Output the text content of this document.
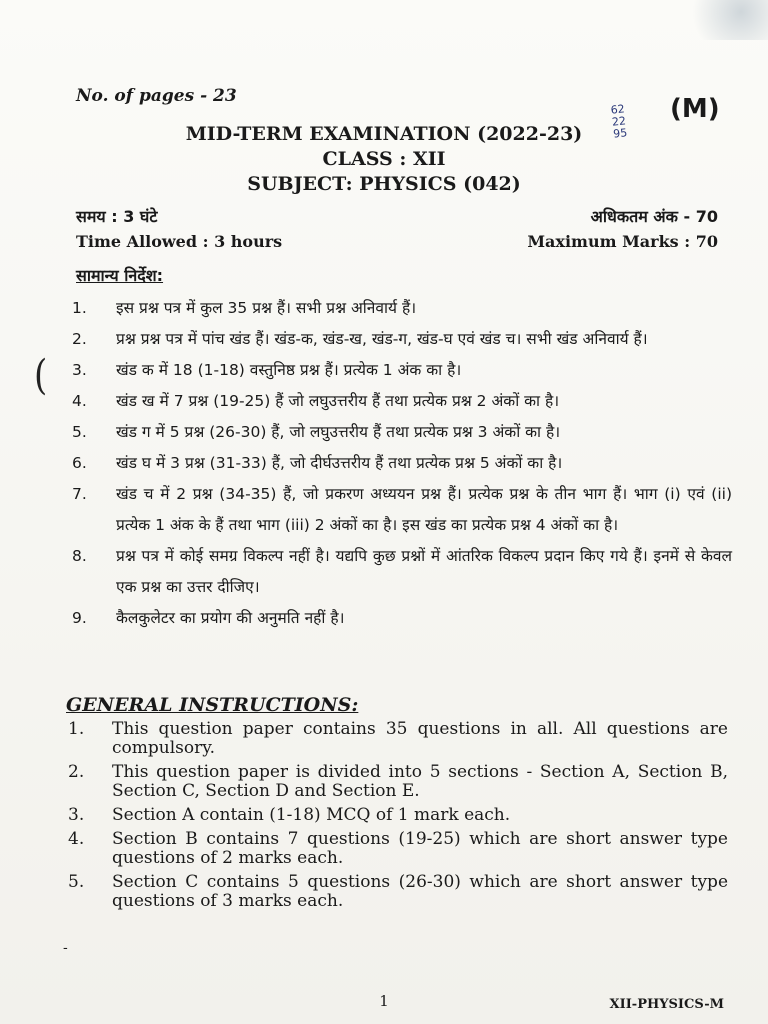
No. of pages - 23	(M)
62
22
95
MID-TERM EXAMINATION (2022-23)
CLASS : XII
SUBJECT: PHYSICS (042)
समय : 3 घंटे	अधिकतम अंक - 70
Time Allowed : 3 hours	Maximum Marks : 70
सामान्य निर्देश:
(
1.	इस प्रश्न पत्र में कुल 35 प्रश्न हैं। सभी प्रश्न अनिवार्य हैं।
2.	प्रश्न प्रश्न पत्र में पांच खंड हैं। खंड-क, खंड-ख, खंड-ग, खंड-घ एवं खंड च। सभी खंड अनिवार्य हैं।
3.	खंड क में 18 (1-18) वस्तुनिष्ठ प्रश्न हैं। प्रत्येक 1 अंक का है।
4.	खंड ख में 7 प्रश्न (19-25) हैं जो लघुउत्तरीय हैं तथा प्रत्येक प्रश्न 2 अंकों का है।
5.	खंड ग में 5 प्रश्न (26-30) हैं, जो लघुउत्तरीय हैं तथा प्रत्येक प्रश्न 3 अंकों का है।
6.	खंड घ में 3 प्रश्न (31-33) हैं, जो दीर्घउत्तरीय हैं तथा प्रत्येक प्रश्न 5 अंकों का है।
7.	खंड च में 2 प्रश्न (34-35) हैं, जो प्रकरण अध्ययन प्रश्न हैं। प्रत्येक प्रश्न के तीन भाग हैं। भाग (i) एवं (ii) प्रत्येक 1 अंक के हैं तथा भाग (iii) 2 अंकों का है। इस खंड का प्रत्येक प्रश्न 4 अंकों का है।
8.	प्रश्न पत्र में कोई समग्र विकल्प नहीं है। यद्यपि कुछ प्रश्नों में आंतरिक विकल्प प्रदान किए गये हैं। इनमें से केवल एक प्रश्न का उत्तर दीजिए।
9.	कैलकुलेटर का प्रयोग की अनुमति नहीं है।
GENERAL INSTRUCTIONS:
1.	This question paper contains 35 questions in all. All questions are compulsory.
2.	This question paper is divided into 5 sections - Section A, Section B, Section C, Section D and Section E.
3.	Section A contain (1-18) MCQ of 1 mark each.
4.	Section B contains 7 questions (19-25) which are short answer type questions of 2 marks each.
5.	Section C contains 5 questions (26-30) which are short answer type questions of 3 marks each.
-
1	XII-PHYSICS-M
